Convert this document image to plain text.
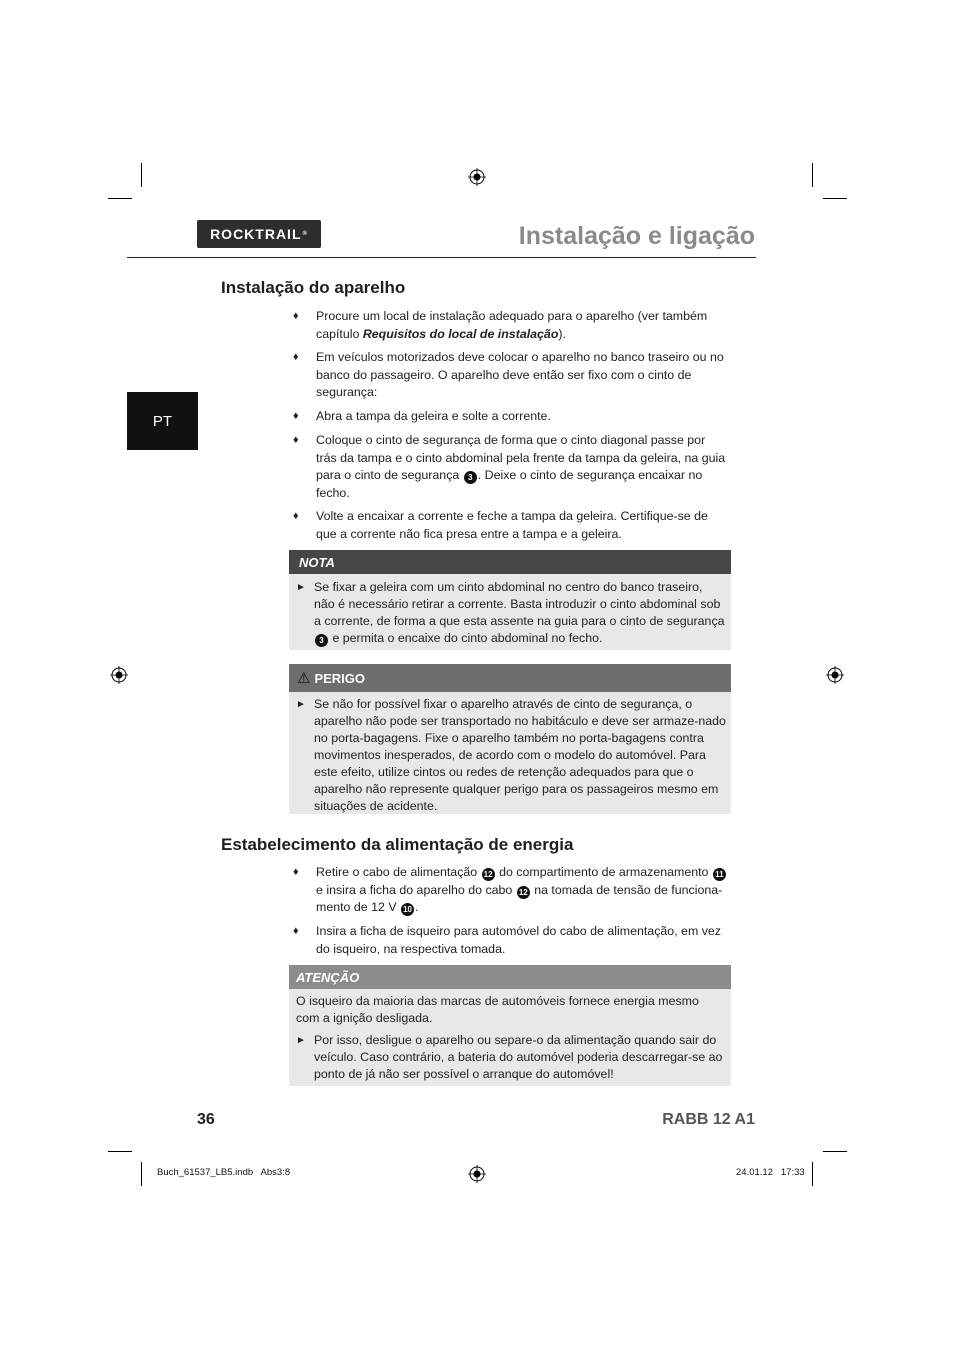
ROCKTRAIL ®	Instalação e ligação
PT
Instalação do aparelho
♦ Procure um local de instalação adequado para o aparelho (ver também capítulo Requisitos do local de instalação).
♦ Em veículos motorizados deve colocar o aparelho no banco traseiro ou no banco do passageiro. O aparelho deve então ser fixo com o cinto de segurança:
♦ Abra a tampa da geleira e solte a corrente.
♦ Coloque o cinto de segurança de forma que o cinto diagonal passe por trás da tampa e o cinto abdominal pela frente da tampa da geleira, na guia para o cinto de segurança 3 . Deixe o cinto de segurança encaixar no fecho.
♦ Volte a encaixar a corrente e feche a tampa da geleira. Certifique-se de que a corrente não fica presa entre a tampa e a geleira.
NOTA
► Se fixar a geleira com um cinto abdominal no centro do banco traseiro, não é necessário retirar a corrente. Basta introduzir o cinto abdominal sob a corrente, de forma a que esta assente na guia para o cinto de segurança 3 e permita o encaixe do cinto abdominal no fecho.
⚠ PERIGO
► Se não for possível fixar o aparelho através de cinto de segurança, o aparelho não pode ser transportado no habitáculo e deve ser armaze-nado no porta-bagagens. Fixe o aparelho também no porta-bagagens contra movimentos inesperados, de acordo com o modelo do automóvel. Para este efeito, utilize cintos ou redes de retenção adequados para que o aparelho não represente qualquer perigo para os passageiros mesmo em situações de acidente.
Estabelecimento da alimentação de energia
♦ Retire o cabo de alimentação 12 do compartimento de armazenamento 11 e insira a ficha do aparelho do cabo 12 na tomada de tensão de funciona-mento de 12 V 10 .
♦ Insira a ficha de isqueiro para automóvel do cabo de alimentação, em vez do isqueiro, na respectiva tomada.
ATENÇÃO
O isqueiro da maioria das marcas de automóveis fornece energia mesmo com a ignição desligada.
► Por isso, desligue o aparelho ou separe-o da alimentação quando sair do veículo. Caso contrário, a bateria do automóvel poderia descarregar-se ao ponto de já não ser possível o arranque do automóvel!
36	RABB 12 A1
Buch_61537_LB5.indb   Abs3:8	24.01.12   17:33
